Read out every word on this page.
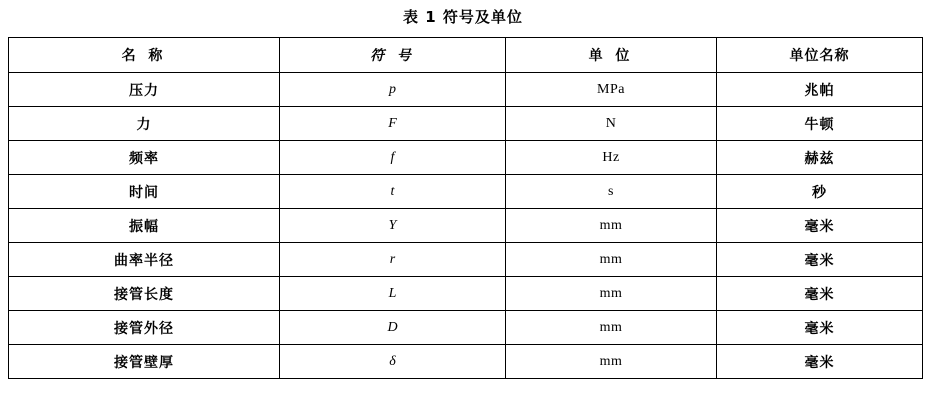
表 1 符号及单位
名 称	符 号	单 位	单位名称
压力	p	MPa	兆帕
力	F	N	牛顿
频率	f	Hz	赫兹
时间	t	s	秒
振幅	Y	mm	毫米
曲率半径	r	mm	毫米
接管长度	L	mm	毫米
接管外径	D	mm	毫米
接管壁厚	δ	mm	毫米
